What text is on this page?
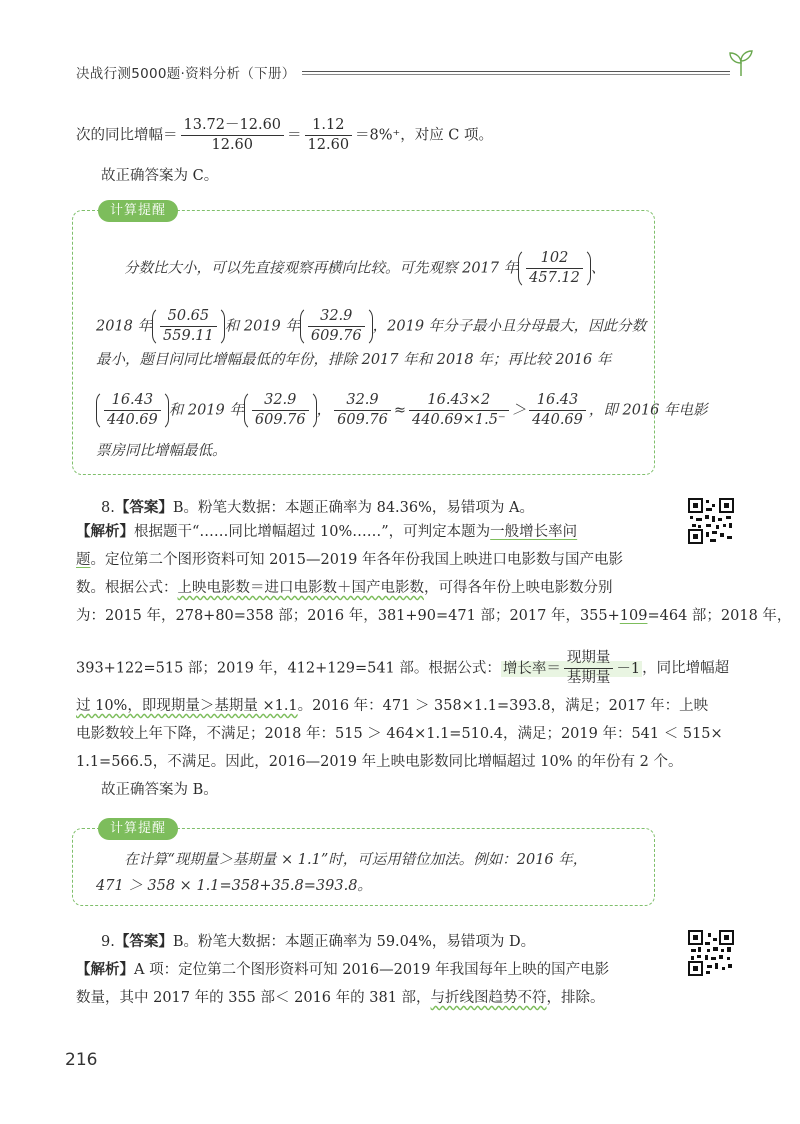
决战行测5000题·资料分析（下册）
次的同比增幅＝ $\frac{13.72-12.60}{12.60} = \frac{1.12}{12.60} =8\%^+$，对应 C 项。
故正确答案为 C。
计算提醒
分数比大小，可以先直接观察再横向比较。可先观察 2017 年 $\frac{102}{457.12}$ 、
2018 年 $\frac{50.65}{559.11}$ 和 2019 年 $\frac{32.9}{609.76}$ ，2019 年分子最小且分母最大，因此分数
最小，题目问同比增幅最低的年份，排除 2017 年和 2018 年；再比较 2016 年
$\frac{16.43}{440.69}$ 和 2019 年 $\frac{32.9}{609.76}$ ， $\frac{32.9}{609.76} \approx \frac{16.43\times 2}{440.69\times 1.5^-} > \frac{16.43}{440.69}$ ，即 2016 年电影
票房同比增幅最低。
8.【答案】B。粉笔大数据：本题正确率为 84.36%，易错项为 A。
【解析】根据题干“……同比增幅超过 10%……”，可判定本题为一般增长率问
题。定位第二个图形资料可知 2015—2019 年各年份我国上映进口电影数与国产电影
数。根据公式：上映电影数＝进口电影数＋国产电影数，可得各年份上映电影数分别
为：2015 年，278+80=358 部；2016 年，381+90=471 部；2017 年，355+109=464 部；2018 年，
393+122=515 部；2019 年，412+129=541 部。根据公式： 增长率＝ $\frac{\text{现期量}}{\text{基期量}} -1$ ，同比增幅超
过 10%，即现期量＞基期量 ×1.1。2016 年：471 ＞ 358×1.1=393.8，满足；2017 年：上映
电影数较上年下降，不满足；2018 年：515 ＞ 464×1.1=510.4，满足；2019 年：541 ＜ 515×
1.1=566.5，不满足。因此，2016—2019 年上映电影数同比增幅超过 10% 的年份有 2 个。
故正确答案为 B。
计算提醒
在计算“现期量＞基期量 × 1.1”时，可运用错位加法。例如：2016 年，
471 ＞ 358 × 1.1=358+35.8=393.8。
9.【答案】B。粉笔大数据：本题正确率为 59.04%，易错项为 D。
【解析】A 项：定位第二个图形资料可知 2016—2019 年我国每年上映的国产电影
数量，其中 2017 年的 355 部＜ 2016 年的 381 部，与折线图趋势不符，排除。
216
